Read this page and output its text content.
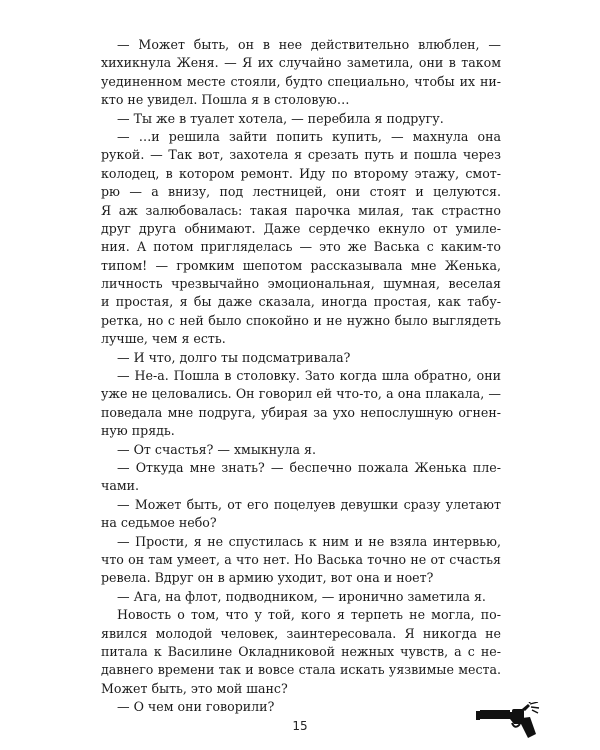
— Может быть, он в нее действительно влюблен, —
хихикнула Женя. — Я их случайно заметила, они в таком
уединенном месте стояли, будто специально, чтобы их ни-
кто не увидел. Пошла я в столовую…
— Ты же в туалет хотела, — перебила я подругу.
— …и решила зайти попить купить, — махнула она
рукой. — Так вот, захотела я срезать путь и пошла через
колодец, в котором ремонт. Иду по второму этажу, смот-
рю — а внизу, под лестницей, они стоят и целуются.
Я аж залюбовалась: такая парочка милая, так страстно
друг друга обнимают. Даже сердечко екнуло от умиле-
ния. А потом пригляделась — это же Васька с каким-то
типом! — громким шепотом рассказывала мне Женька,
личность чрезвычайно эмоциональная, шумная, веселая
и простая, я бы даже сказала, иногда простая, как табу-
ретка, но с ней было спокойно и не нужно было выглядеть
лучше, чем я есть.
— И что, долго ты подсматривала?
— Не-а. Пошла в столовку. Зато когда шла обратно, они
уже не целовались. Он говорил ей что-то, а она плакала, —
поведала мне подруга, убирая за ухо непослушную огнен-
ную прядь.
— От счастья? — хмыкнула я.
— Откуда мне знать? — беспечно пожала Женька пле-
чами.
— Может быть, от его поцелуев девушки сразу улетают
на седьмое небо?
— Прости, я не спустилась к ним и не взяла интервью,
что он там умеет, а что нет. Но Васька точно не от счастья
ревела. Вдруг он в армию уходит, вот она и ноет?
— Ага, на флот, подводником, — иронично заметила я.
Новость о том, что у той, кого я терпеть не могла, по-
явился молодой человек, заинтересовала. Я никогда не
питала к Василине Окладниковой нежных чувств, а с не-
давнего времени так и вовсе стала искать уязвимые места.
Может быть, это мой шанс?
— О чем они говорили?
15
